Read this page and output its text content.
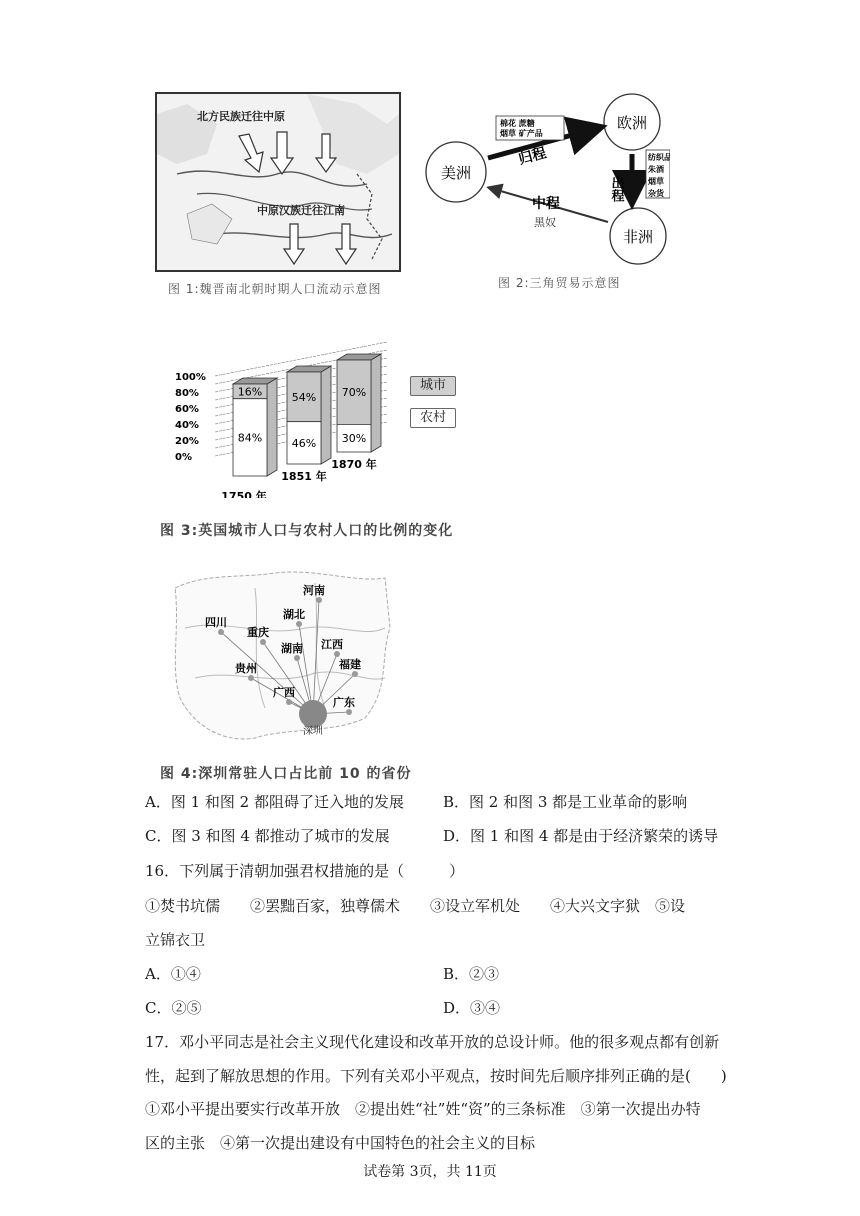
北方民族迁往中原
中原汉族迁往江南
图 1:魏晋南北朝时期人口流动示意图
美洲
欧洲
非洲
棉花 蔗糖
烟草 矿产品
纺织品
朱酒
烟草
杂货
归程
出程
中程
黑奴
图 2:三角贸易示意图
100%
80%
60%
40%
20%
0%
16%
84%
54%
46%
70%
30%
1750 年
1851 年
1870 年
城市
农村
图 3:英国城市人口与农村人口的比例的变化
河南
湖北
四川
重庆
湖南 江西
贵州	福建
广西
广东
深圳
图 4:深圳常驻人口占比前 10 的省份
A．图 1 和图 2 都阻碍了迁入地的发展	B．图 2 和图 3 都是工业革命的影响
C．图 3 和图 4 都推动了城市的发展	D．图 1 和图 4 都是由于经济繁荣的诱导
16．下列属于清朝加强君权措施的是（　　　）
①焚书坑儒　　②罢黜百家，独尊儒术　　③设立军机处　　④大兴文字狱　⑤设
立锦衣卫
A．①④	B．②③
C．②⑤	D．③④
17．邓小平同志是社会主义现代化建设和改革开放的总设计师。他的很多观点都有创新
性，起到了解放思想的作用。下列有关邓小平观点，按时间先后顺序排列正确的是(　　)
①邓小平提出要实行改革开放　②提出姓“社”姓“资”的三条标准　③第一次提出办特
区的主张　④第一次提出建设有中国特色的社会主义的目标
试卷第 3页，共 11页
